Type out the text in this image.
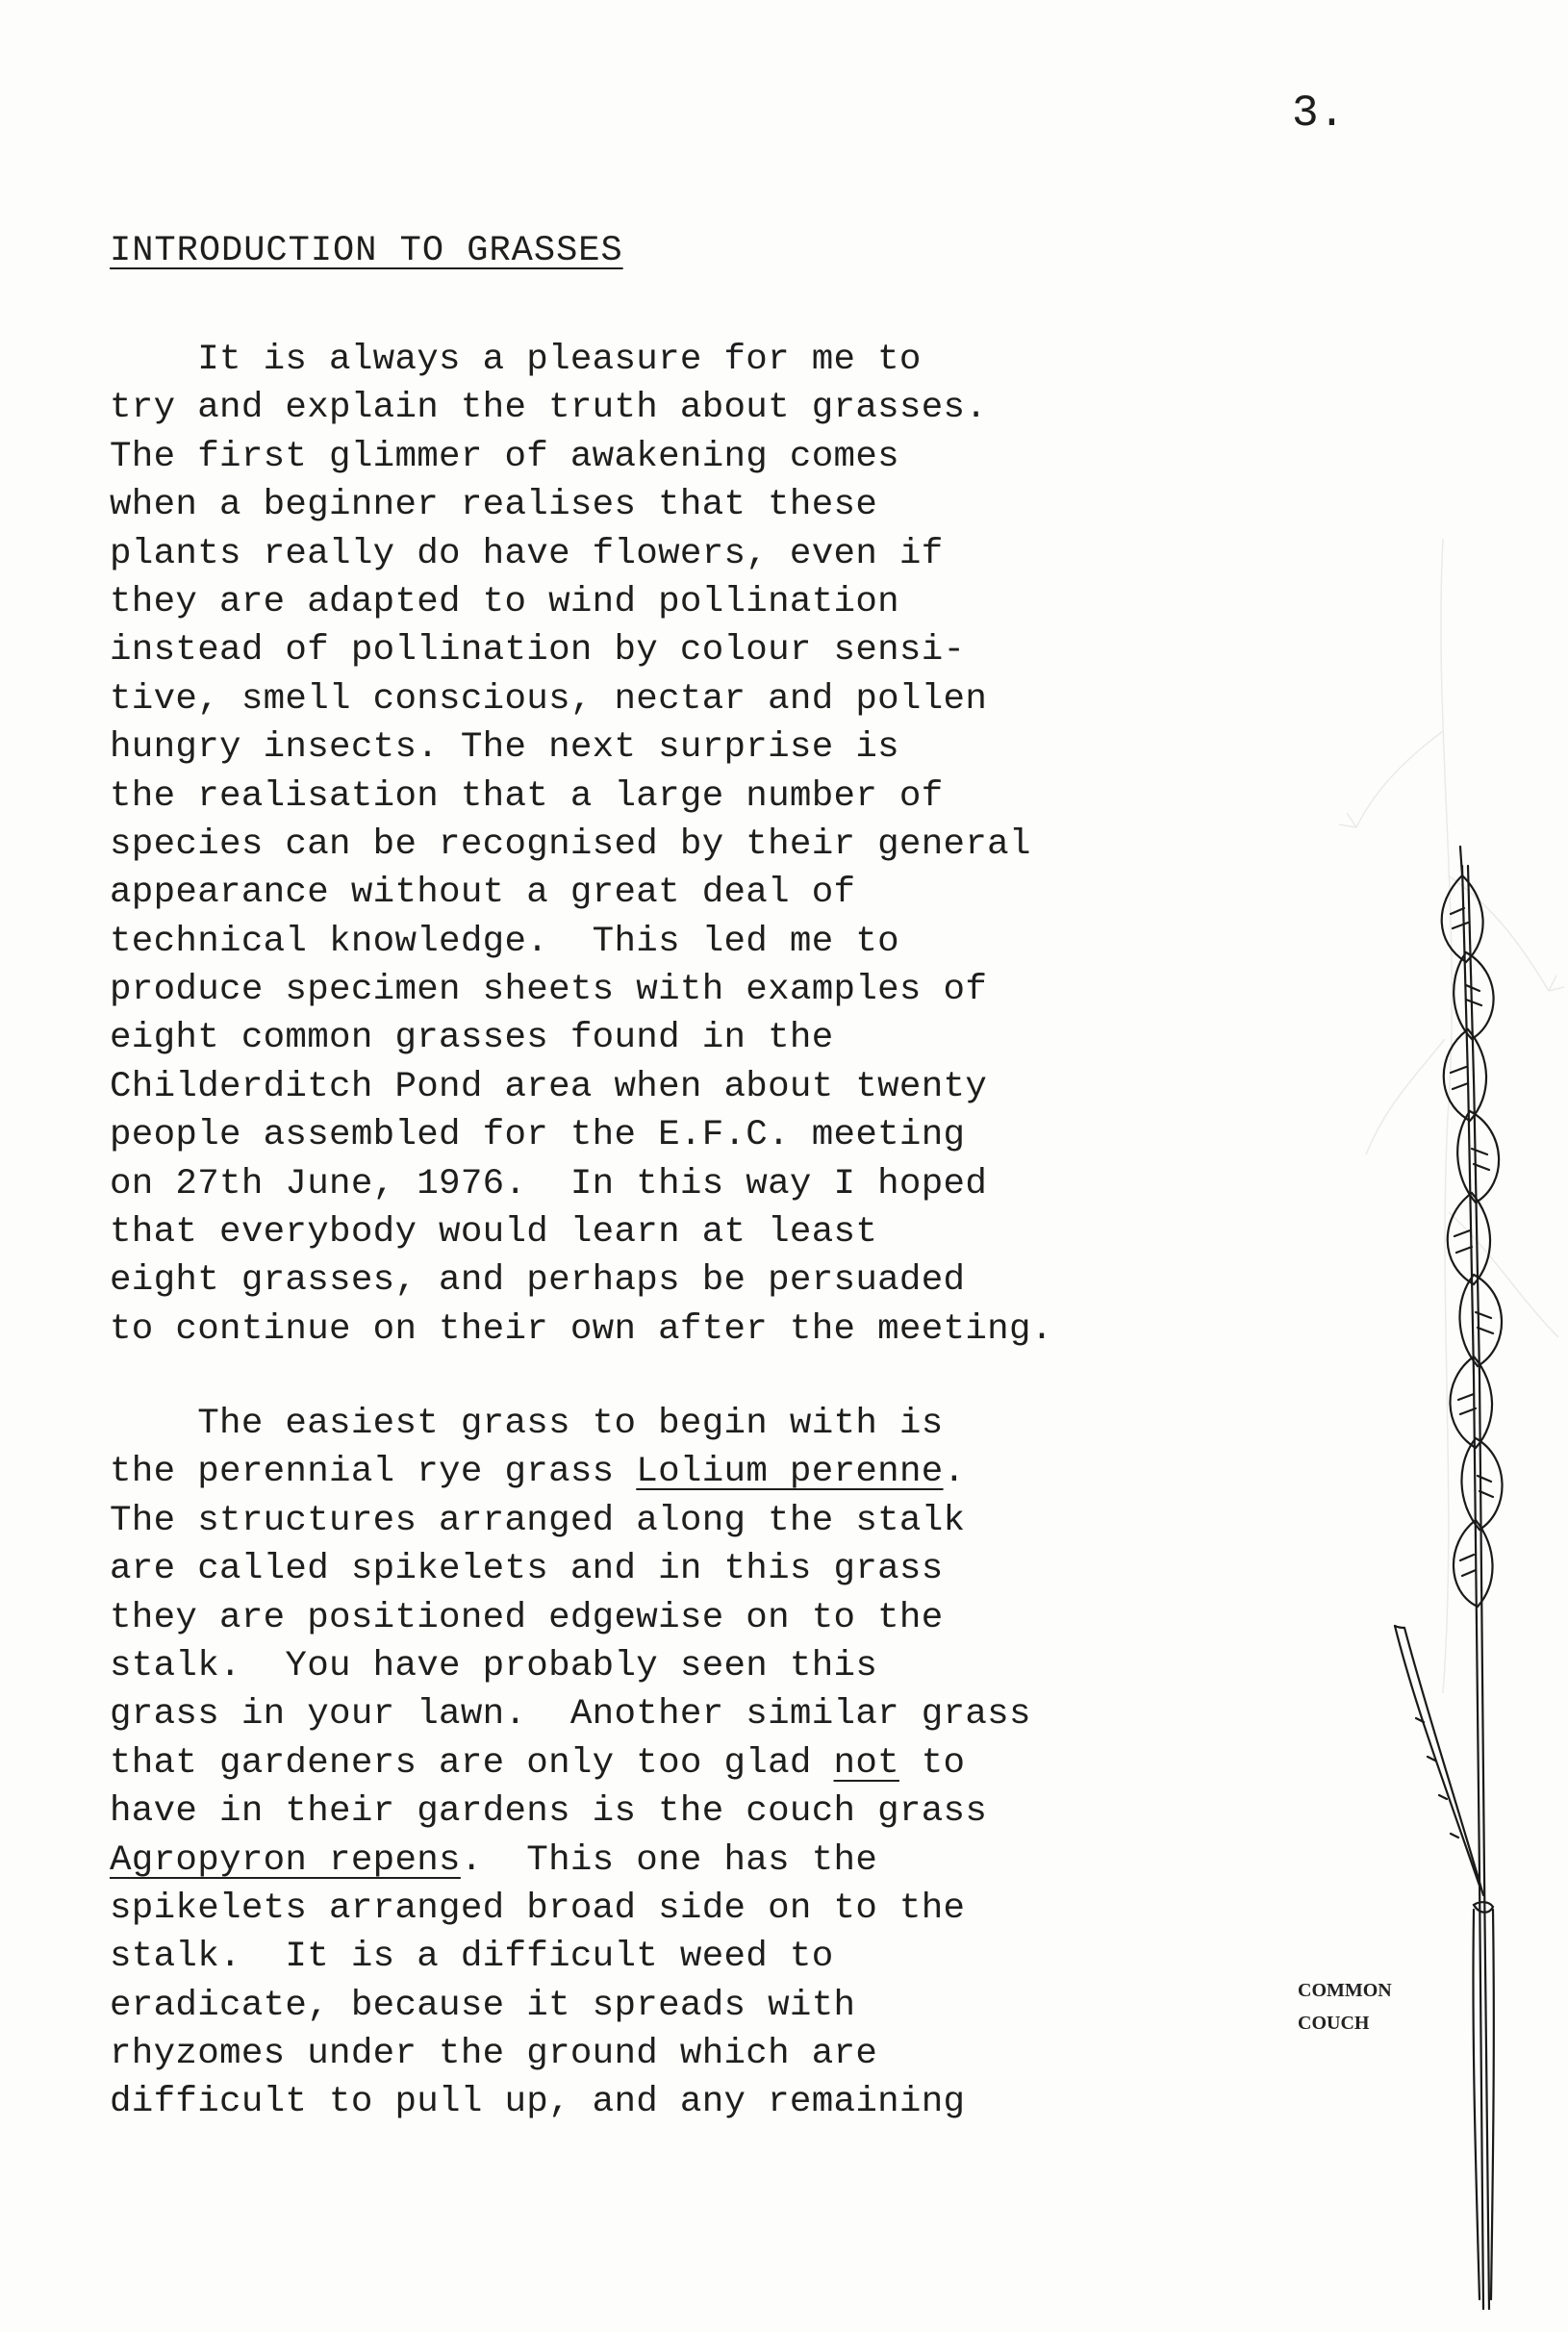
3.
INTRODUCTION TO GRASSES
It is always a pleasure for me to
try and explain the truth about grasses.
The first glimmer of awakening comes
when a beginner realises that these
plants really do have flowers, even if
they are adapted to wind pollination
instead of pollination by colour sensi-
tive, smell conscious, nectar and pollen
hungry insects. The next surprise is
the realisation that a large number of
species can be recognised by their general
appearance without a great deal of
technical knowledge.  This led me to
produce specimen sheets with examples of
eight common grasses found in the
Childerditch Pond area when about twenty
people assembled for the E.F.C. meeting
on 27th June, 1976.  In this way I hoped
that everybody would learn at least
eight grasses, and perhaps be persuaded
to continue on their own after the meeting.
The easiest grass to begin with is
the perennial rye grass Lolium perenne.
The structures arranged along the stalk
are called spikelets and in this grass
they are positioned edgewise on to the
stalk.  You have probably seen this
grass in your lawn.  Another similar grass
that gardeners are only too glad not to
have in their gardens is the couch grass
Agropyron repens.  This one has the
spikelets arranged broad side on to the
stalk.  It is a difficult weed to
eradicate, because it spreads with
rhyzomes under the ground which are
difficult to pull up, and any remaining
COMMON
COUCH
